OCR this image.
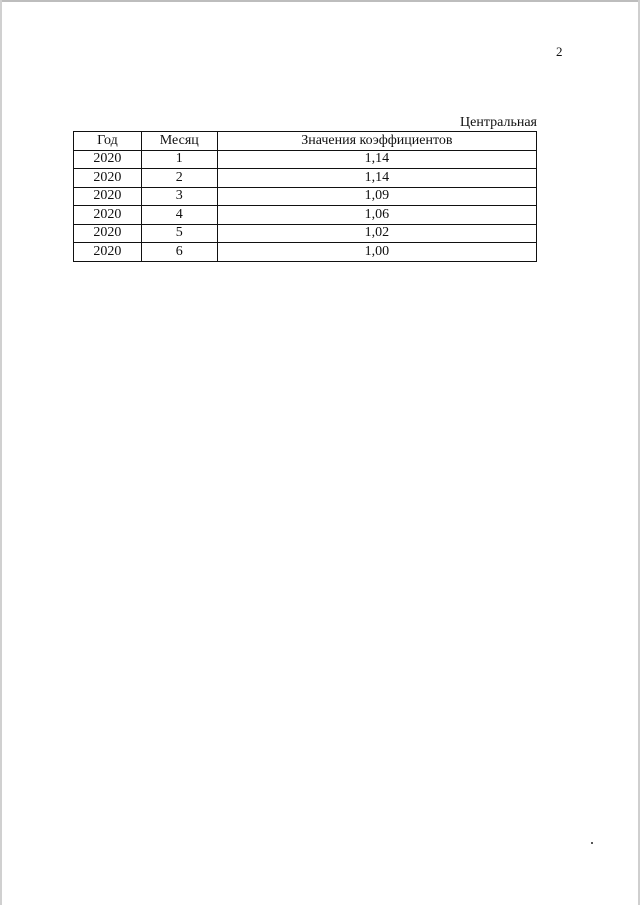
2
Центральная
Год	Месяц	Значения коэффициентов
2020	1	1,14
2020	2	1,14
2020	3	1,09
2020	4	1,06
2020	5	1,02
2020	6	1,00
